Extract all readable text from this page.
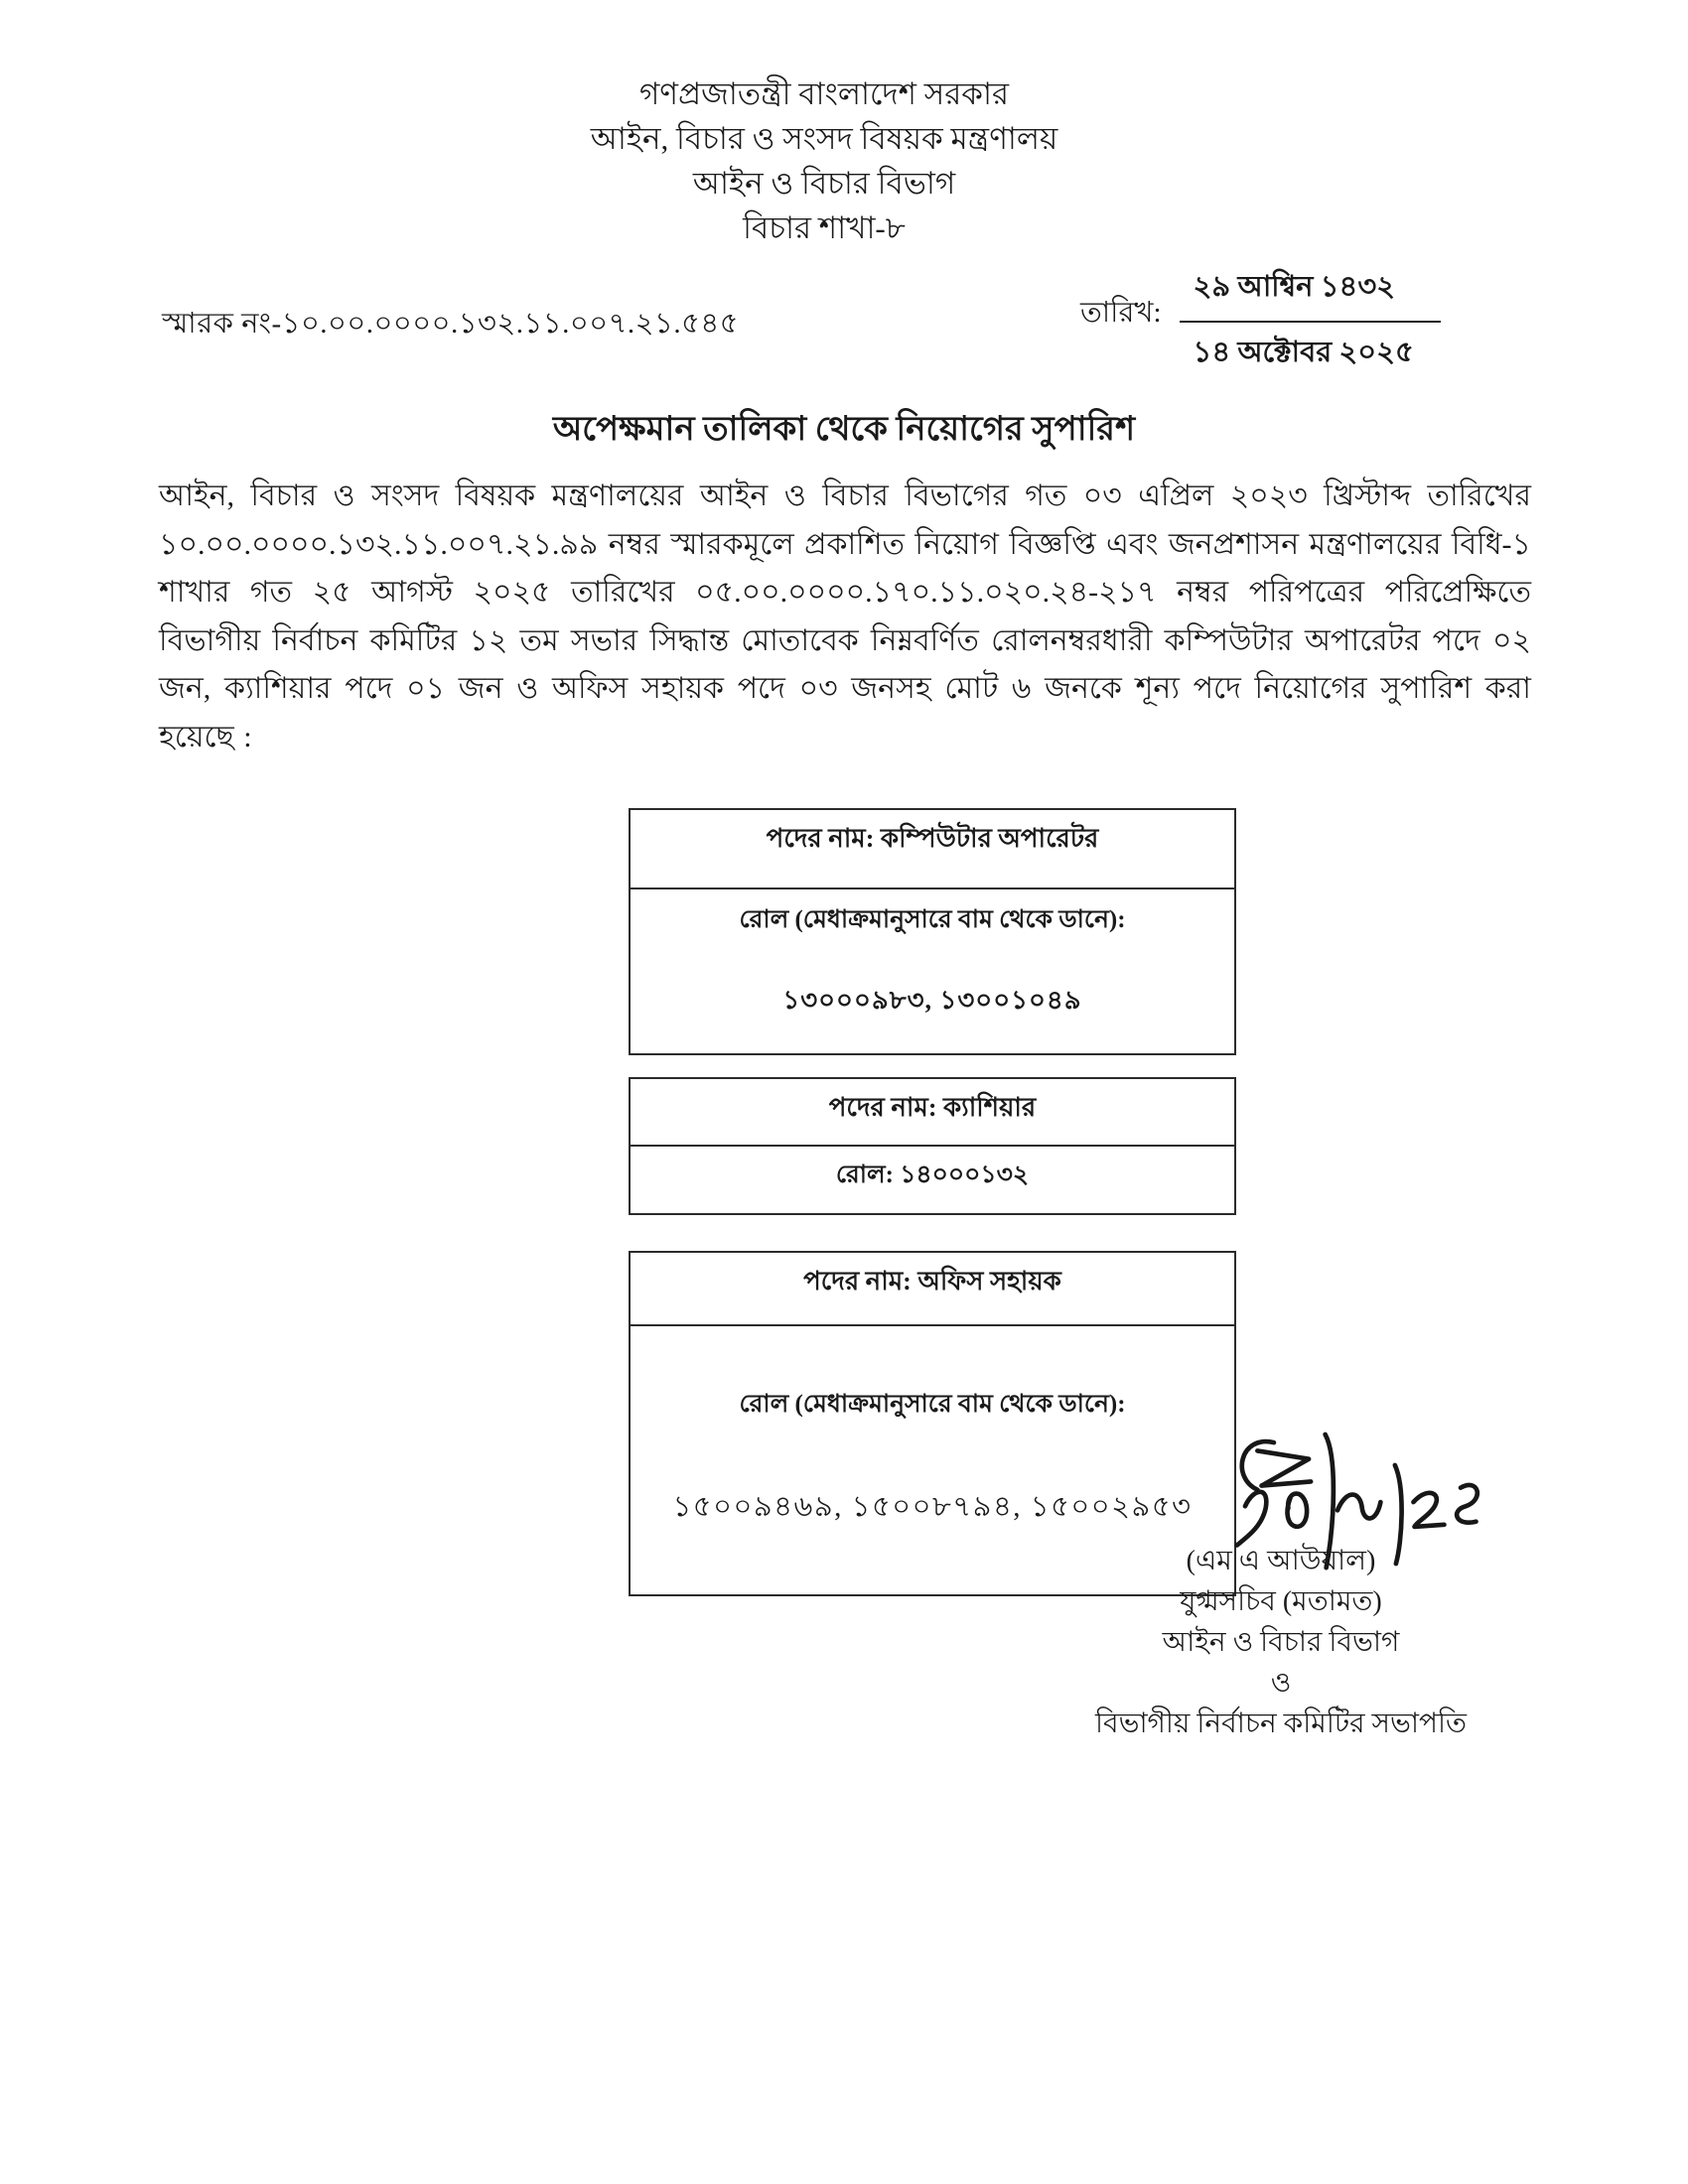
গণপ্রজাতন্ত্রী বাংলাদেশ সরকার
আইন, বিচার ও সংসদ বিষয়ক মন্ত্রণালয়
আইন ও বিচার বিভাগ
বিচার শাখা-৮
স্মারক নং-১০.০০.০০০০.১৩২.১১.০০৭.২১.৫৪৫	তারিখ:
২৯ আশ্বিন ১৪৩২
১৪ অক্টোবর ২০২৫
অপেক্ষমান তালিকা থেকে নিয়োগের সুপারিশ

আইন, বিচার ও সংসদ বিষয়ক মন্ত্রণালয়ের আইন ও বিচার বিভাগের গত ০৩ এপ্রিল ২০২৩ খ্রিস্টাব্দ তারিখের ১০.০০.০০০০.১৩২.১১.০০৭.২১.৯৯ নম্বর স্মারকমূলে প্রকাশিত নিয়োগ বিজ্ঞপ্তি এবং জনপ্রশাসন মন্ত্রণালয়ের বিধি-১ শাখার গত ২৫ আগস্ট ২০২৫ তারিখের ০৫.০০.০০০০.১৭০.১১.০২০.২৪-২১৭ নম্বর পরিপত্রের পরিপ্রেক্ষিতে বিভাগীয় নির্বাচন কমিটির ১২ তম সভার সিদ্ধান্ত মোতাবেক নিম্নবর্ণিত রোলনম্বরধারী কম্পিউটার অপারেটর পদে ০২ জন, ক্যাশিয়ার পদে ০১ জন ও অফিস সহায়ক পদে ০৩ জনসহ মোট ৬ জনকে শূন্য পদে নিয়োগের সুপারিশ করা হয়েছে :

পদের নাম: কম্পিউটার অপারেটর
রোল (মেধাক্রমানুসারে বাম থেকে ডানে):
১৩০০০৯৮৩, ১৩০০১০৪৯
পদের নাম: ক্যাশিয়ার
রোল: ১৪০০০১৩২
পদের নাম: অফিস সহায়ক
রোল (মেধাক্রমানুসারে বাম থেকে ডানে):
১৫০০৯৪৬৯, ১৫০০৮৭৯৪, ১৫০০২৯৫৩
(এম এ আউয়াল)
যুগ্মসচিব (মতামত)
আইন ও বিচার বিভাগ
ও
বিভাগীয় নির্বাচন কমিটির সভাপতি
